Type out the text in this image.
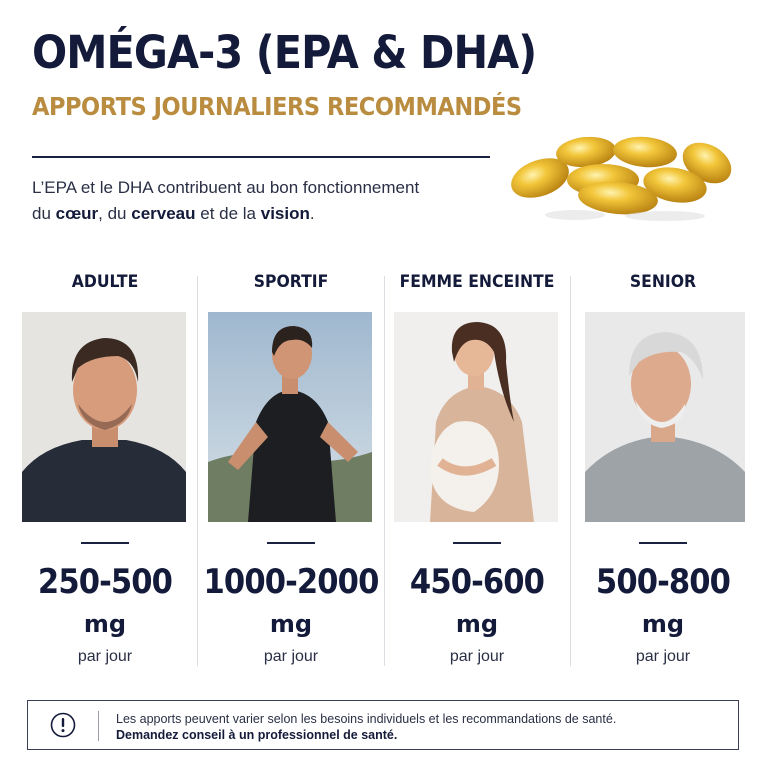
OMÉGA-3 (EPA & DHA)
APPORTS JOURNALIERS RECOMMANDÉS
L’EPA et le DHA contribuent au bon fonctionnement
du cœur, du cerveau et de la vision.
ADULTE
250-500
mg
par jour
SPORTIF
1000-2000
mg
par jour
FEMME ENCEINTE
450-600
mg
par jour
SENIOR
500-800
mg
par jour
Les apports peuvent varier selon les besoins individuels et les recommandations de santé.
Demandez conseil à un professionnel de santé.
